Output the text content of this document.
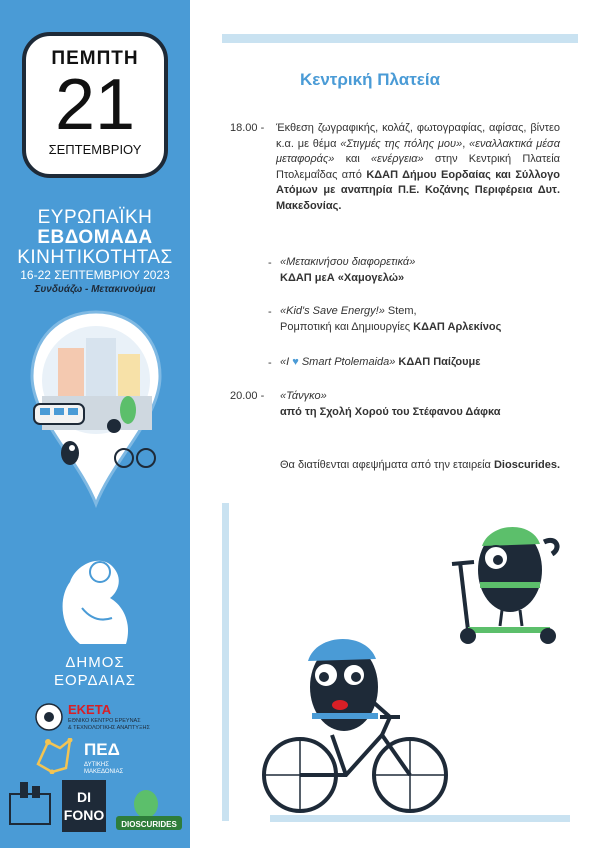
ΠΕΜΠΤΗ
21
ΣΕΠΤΕΜΒΡΙΟΥ
ΕΥΡΩΠΑΪΚΗ
ΕΒΔΟΜΑΔΑ
ΚΙΝΗΤΙΚΟΤΗΤΑΣ
16-22 ΣΕΠΤΕΜΒΡΙΟΥ 2023
Συνδυάζω - Μετακινούμαι
ΔΗΜΟΣ
ΕΟΡΔΑΙΑΣ
ΕΚΕΤΑ
ΕΘΝΙΚΟ ΚΕΝΤΡΟ ΕΡΕΥΝΑΣ
& ΤΕΧΝΟΛΟΓΙΚΗΣ ΑΝΑΠΤΥΞΗΣ
ΠΕΔ
ΔΥΤΙΚΗΣ
ΜΑΚΕΔΟΝΙΑΣ
DI
FONO
DIOSCURIDES
Κεντρική Πλατεία
18.00 - Έκθεση ζωγραφικής, κολάζ, φωτογραφίας, αφίσας, βίντεο κ.α. με θέμα «Στιγμές της πόλης μου», «εναλλακτικά μέσα μεταφοράς» και «ενέργεια» στην Κεντρική Πλατεία Πτολεμαΐδας από ΚΔΑΠ Δήμου Εορδαίας και Σύλλογο Ατόμων με αναπηρία Π.Ε. Κοζάνης Περιφέρεια Δυτ. Μακεδονίας.
- «Μετακινήσου διαφορετικά»
ΚΔΑΠ μεΑ «Χαμογελώ»
- «Kid's Save Energy!» Stem,
Ρομποτική και Δημιουργίες ΚΔΑΠ Αρλεκίνος
- «I ♥ Smart Ptolemaida» ΚΔΑΠ Παίζουμε
20.00 - «Τάνγκο»
από τη Σχολή Χορού του Στέφανου Δάφκα
Θα διατίθενται αφεψήματα από την εταιρεία Dioscurides.
